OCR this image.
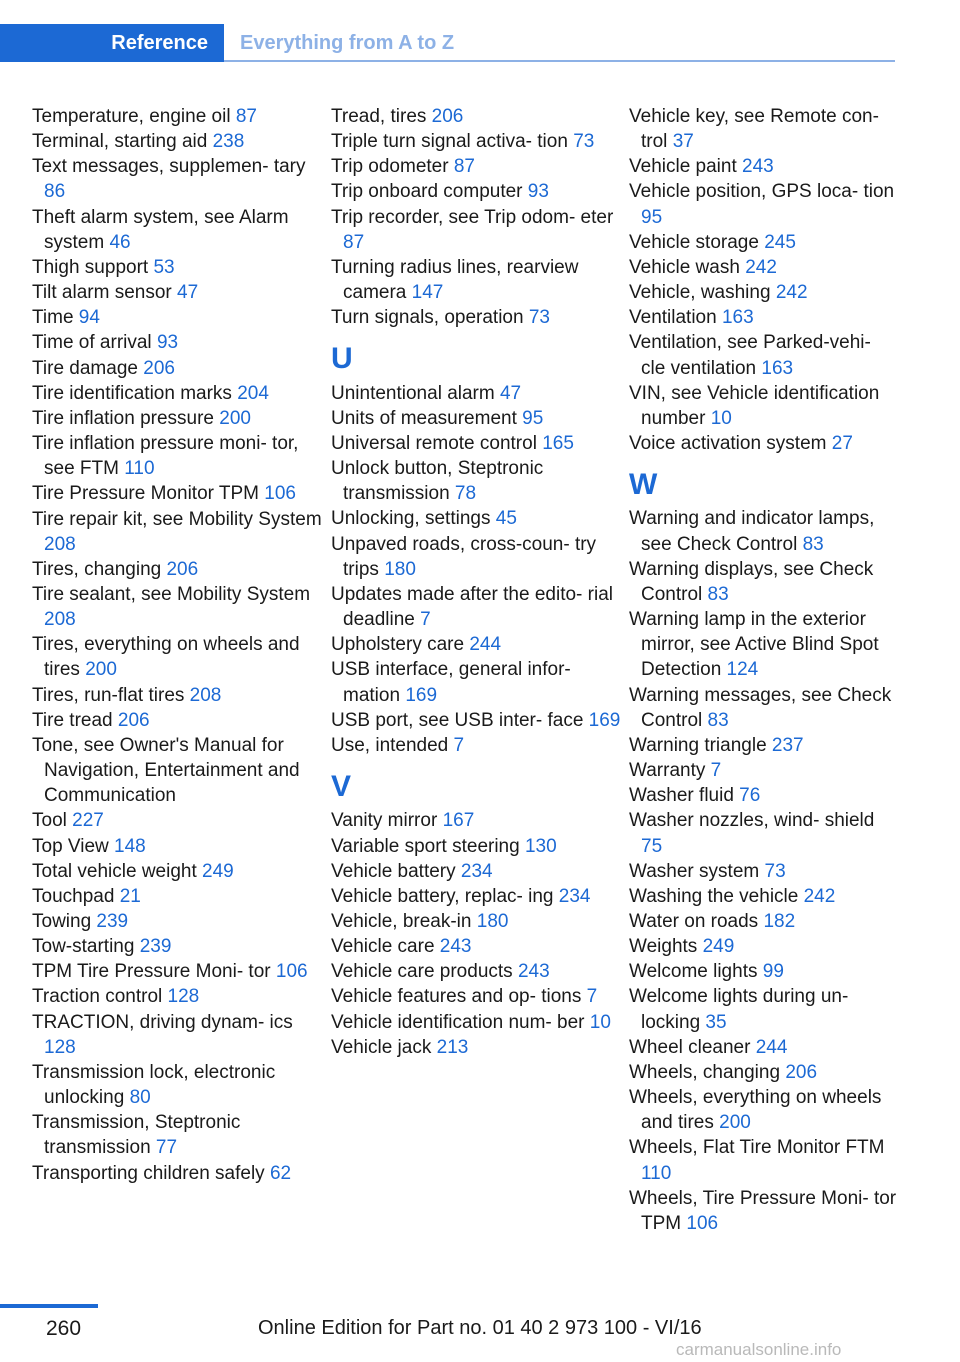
Reference	Everything from A to Z
Temperature, engine oil 87
Terminal, starting aid 238
Text messages, supplemen‐ tary 86
Theft alarm system, see Alarm system 46
Thigh support 53
Tilt alarm sensor 47
Time 94
Time of arrival 93
Tire damage 206
Tire identification marks 204
Tire inflation pressure 200
Tire inflation pressure moni‐ tor, see FTM 110
Tire Pressure Monitor TPM 106
Tire repair kit, see Mobility System 208
Tires, changing 206
Tire sealant, see Mobility System 208
Tires, everything on wheels and tires 200
Tires, run-flat tires 208
Tire tread 206
Tone, see Owner's Manual for Navigation, Entertainment and Communication
Tool 227
Top View 148
Total vehicle weight 249
Touchpad 21
Towing 239
Tow-starting 239
TPM Tire Pressure Moni‐ tor 106
Traction control 128
TRACTION, driving dynam‐ ics 128
Transmission lock, electronic unlocking 80
Transmission, Steptronic transmission 77
Transporting children safely 62
Tread, tires 206
Triple turn signal activa‐ tion 73
Trip odometer 87
Trip onboard computer 93
Trip recorder, see Trip odom‐ eter 87
Turning radius lines, rearview camera 147
Turn signals, operation 73
U
Unintentional alarm 47
Units of measurement 95
Universal remote control 165
Unlock button, Steptronic transmission 78
Unlocking, settings 45
Unpaved roads, cross-coun‐ try trips 180
Updates made after the edito‐ rial deadline 7
Upholstery care 244
USB interface, general infor‐ mation 169
USB port, see USB inter‐ face 169
Use, intended 7
V
Vanity mirror 167
Variable sport steering 130
Vehicle battery 234
Vehicle battery, replac‐ ing 234
Vehicle, break-in 180
Vehicle care 243
Vehicle care products 243
Vehicle features and op‐ tions 7
Vehicle identification num‐ ber 10
Vehicle jack 213
Vehicle key, see Remote con‐ trol 37
Vehicle paint 243
Vehicle position, GPS loca‐ tion 95
Vehicle storage 245
Vehicle wash 242
Vehicle, washing 242
Ventilation 163
Ventilation, see Parked-vehi‐ cle ventilation 163
VIN, see Vehicle identification number 10
Voice activation system 27
W
Warning and indicator lamps, see Check Control 83
Warning displays, see Check Control 83
Warning lamp in the exterior mirror, see Active Blind Spot Detection 124
Warning messages, see Check Control 83
Warning triangle 237
Warranty 7
Washer fluid 76
Washer nozzles, wind‐ shield 75
Washer system 73
Washing the vehicle 242
Water on roads 182
Weights 249
Welcome lights 99
Welcome lights during un‐ locking 35
Wheel cleaner 244
Wheels, changing 206
Wheels, everything on wheels and tires 200
Wheels, Flat Tire Monitor FTM 110
Wheels, Tire Pressure Moni‐ tor TPM 106
260	Online Edition for Part no. 01 40 2 973 100 - VI/16
carmanualsonline.info
